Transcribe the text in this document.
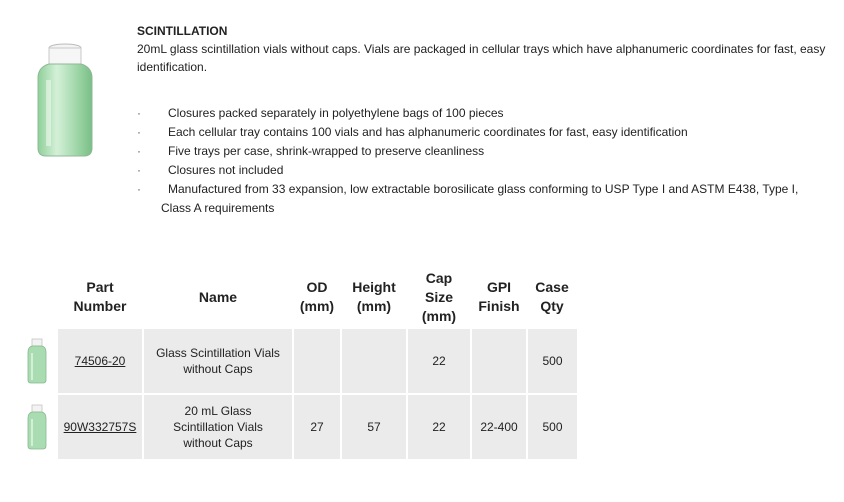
SCINTILLATION

20mL glass scintillation vials without caps. Vials are packaged in cellular trays which have alphanumeric coordinates for fast, easy identification.

· Closures packed separately in polyethylene bags of 100 pieces
· Each cellular tray contains 100 vials and has alphanumeric coordinates for fast, easy identification
· Five trays per case, shrink-wrapped to preserve cleanliness
· Closures not included
· Manufactured from 33 expansion, low extractable borosilicate glass conforming to USP Type I and ASTM E438, Type I,
Class A requirements
	Part
Number	Name	OD
(mm)	Height
(mm)	Cap
Size
(mm)	GPI
Finish	Case
Qty

	74506-20	Glass Scintillation Vials
without Caps			22		500

	90W332757S	20 mL Glass
Scintillation Vials
without Caps	27	57	22	22-400	500
